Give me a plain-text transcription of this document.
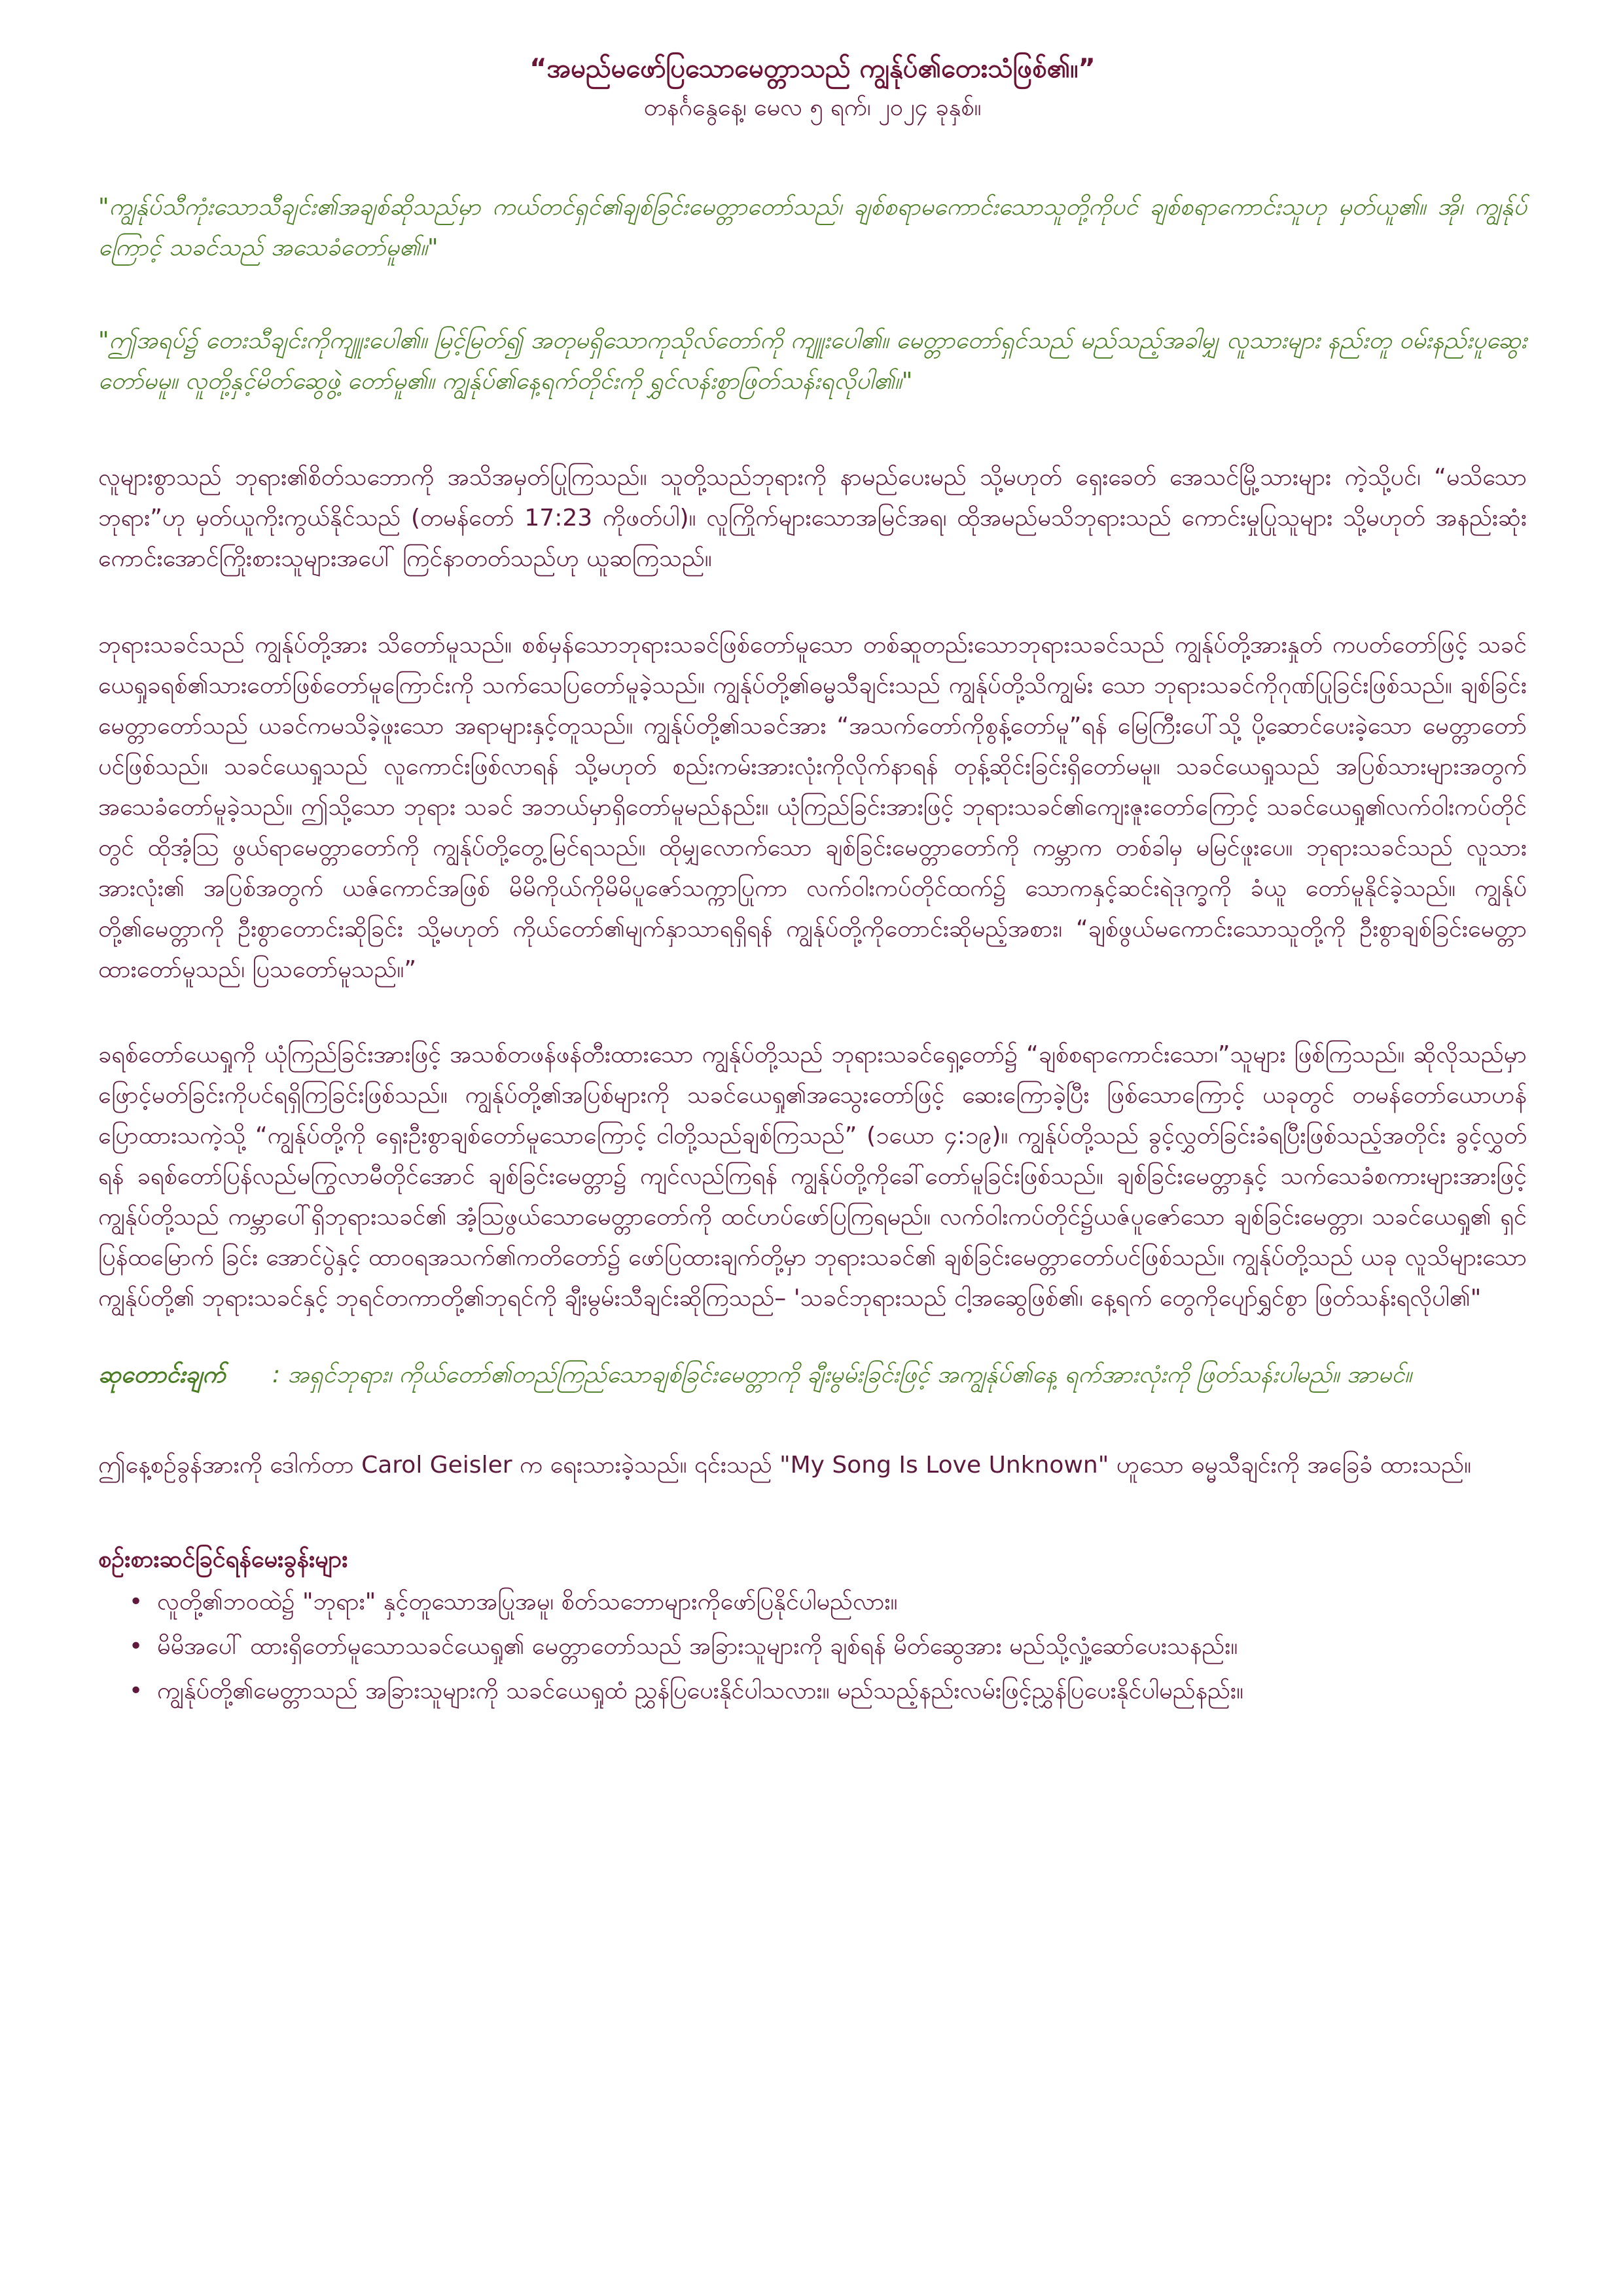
“အမည်မဖော်ပြသောမေတ္တာသည် ကျွန်ုပ်၏တေးသံဖြစ်၏။”

တနင်္ဂနွေနေ့၊ မေလ ၅ ရက်၊ ၂၀၂၄ ခုနှစ်။

"ကျွန်ုပ်သီကုံးသောသီချင်း၏အချစ်ဆိုသည်မှာ ကယ်တင်ရှင်၏ချစ်ခြင်းမေတ္တာတော်သည်၊ ချစ်စရာမကောင်းသောသူတို့ကိုပင် ချစ်စရာကောင်းသူဟု မှတ်ယူ၏။ အို၊ ကျွန်ုပ်ကြောင့် သခင်သည် အသေခံတော်မူ၏။"

"ဤအရပ်၌ တေးသီချင်းကိုကျူးပေါ၏။ မြင့်မြတ်၍ အတုမရှိသောကုသိုလ်တော်ကို ကျူးပေါ၏။ မေတ္တာတော်ရှင်သည် မည်သည့်အခါမျှ လူသားများ နည်းတူ ဝမ်းနည်းပူဆွေးတော်မမူ။ လူတို့နှင့်မိတ်ဆွေဖွဲ့ တော်မူ၏။ ကျွန်ုပ်၏နေ့ရက်တိုင်းကို ရွှင်လန်းစွာဖြတ်သန်းရလိုပါ၏။"

လူများစွာသည် ဘုရား၏စိတ်သဘောကို အသိအမှတ်ပြုကြသည်။ သူတို့သည်ဘုရားကို နာမည်ပေးမည် သို့မဟုတ် ရှေးခေတ် အေသင်မြို့သားများ ကဲ့သို့ပင်၊ “မသိသောဘုရား”ဟု မှတ်ယူကိုးကွယ်နိုင်သည် (တမန်တော် 17:23 ကိုဖတ်ပါ)။ လူကြိုက်များသောအမြင်အရ၊ ထိုအမည်မသိဘုရားသည် ကောင်းမှုပြုသူများ သို့မဟုတ် အနည်းဆုံးကောင်းအောင်ကြိုးစားသူများအပေါ် ကြင်နာတတ်သည်ဟု ယူဆကြသည်။

ဘုရားသခင်သည် ကျွန်ုပ်တို့အား သိတော်မူသည်။ စစ်မှန်သောဘုရားသခင်ဖြစ်တော်မူသော တစ်ဆူတည်းသောဘုရားသခင်သည် ကျွန်ုပ်တို့အားနှုတ် ကပတ်တော်ဖြင့် သခင်ယေရှုခရစ်၏သားတော်ဖြစ်တော်မူကြောင်းကို သက်သေပြတော်မူခဲ့သည်။ ကျွန်ုပ်တို့၏ဓမ္မသီချင်းသည် ကျွန်ုပ်တို့သိကျွမ်း သော ဘုရားသခင်ကိုဂုဏ်ပြုခြင်းဖြစ်သည်။ ချစ်ခြင်းမေတ္တာတော်သည် ယခင်ကမသိခဲ့ဖူးသော အရာများနှင့်တူသည်။ ကျွန်ုပ်တို့၏သခင်အား “အသက်တော်ကိုစွန့်တော်မူ”ရန် မြေကြီးပေါ်သို့ ပို့ဆောင်ပေးခဲ့သော မေတ္တာတော်ပင်ဖြစ်သည်။ သခင်ယေရှုသည် လူကောင်းဖြစ်လာရန် သို့မဟုတ် စည်းကမ်းအားလုံးကိုလိုက်နာရန် တုန့်ဆိုင်းခြင်းရှိတော်မမူ။ သခင်ယေရှုသည် အပြစ်သားများအတွက် အသေခံတော်မူခဲ့သည်။ ဤသို့သော ဘုရား သခင် အဘယ်မှာရှိတော်မူမည်နည်း။ ယုံကြည်ခြင်းအားဖြင့် ဘုရားသခင်၏ကျေးဇူးတော်ကြောင့် သခင်ယေရှု၏လက်ဝါးကပ်တိုင်တွင် ထိုအံ့သြ ဖွယ်ရာမေတ္တာတော်ကို ကျွန်ုပ်တို့တွေ့မြင်ရသည်။ ထိုမျှလောက်သော ချစ်ခြင်းမေတ္တာတော်ကို ကမ္ဘာက တစ်ခါမှ မမြင်ဖူးပေ။ ဘုရားသခင်သည် လူသားအားလုံး၏ အပြစ်အတွက် ယဇ်ကောင်အဖြစ် မိမိကိုယ်ကိုမိမိပူဇော်သက္ကာပြုကာ လက်ဝါးကပ်တိုင်ထက်၌ သောကနှင့်ဆင်းရဲဒုက္ခကို ခံယူ တော်မူနိုင်ခဲ့သည်။ ကျွန်ုပ်တို့၏မေတ္တာကို ဦးစွာတောင်းဆိုခြင်း သို့မဟုတ် ကိုယ်တော်၏မျက်နှာသာရရှိရန် ကျွန်ုပ်တို့ကိုတောင်းဆိုမည့်အစား၊ “ချစ်ဖွယ်မကောင်းသောသူတို့ကို ဦးစွာချစ်ခြင်းမေတ္တာထားတော်မူသည်၊ ပြသတော်မူသည်။”

ခရစ်တော်ယေရှုကို ယုံကြည်ခြင်းအားဖြင့် အသစ်တဖန်ဖန်တီးထားသော ကျွန်ုပ်တို့သည် ဘုရားသခင်ရှေ့တော်၌ “ချစ်စရာကောင်းသော၊”သူများ ဖြစ်ကြသည်။ ဆိုလိုသည်မှာ ဖြောင့်မတ်ခြင်းကိုပင်ရရှိကြခြင်းဖြစ်သည်။ ကျွန်ုပ်တို့၏အပြစ်များကို သခင်ယေရှု၏အသွေးတော်ဖြင့် ဆေးကြောခဲ့ပြီး ဖြစ်သောကြောင့် ယခုတွင် တမန်တော်ယောဟန်ပြောထားသကဲ့သို့ “ကျွန်ုပ်တို့ကို ရှေးဦးစွာချစ်တော်မူသောကြောင့် ငါတို့သည်ချစ်ကြသည်” (၁ယော ၄:၁၉)။ ကျွန်ုပ်တို့သည် ခွင့်လွှတ်ခြင်းခံရပြီးဖြစ်သည့်အတိုင်း ခွင့်လွှတ်ရန် ခရစ်တော်ပြန်လည်မကြွလာမီတိုင်အောင် ချစ်ခြင်းမေတ္တာ၌ ကျင်လည်ကြရန် ကျွန်ုပ်တို့ကိုခေါ်တော်မူခြင်းဖြစ်သည်။ ချစ်ခြင်းမေတ္တာနှင့် သက်သေခံစကားများအားဖြင့် ကျွန်ုပ်တို့သည် ကမ္ဘာပေါ်ရှိဘုရားသခင်၏ အံ့သြဖွယ်သောမေတ္တာတော်ကို ထင်ဟပ်ဖော်ပြကြရမည်။ လက်ဝါးကပ်တိုင်၌ယဇ်ပူဇော်သော ချစ်ခြင်းမေတ္တာ၊ သခင်ယေရှု၏ ရှင်ပြန်ထမြောက် ခြင်း အောင်ပွဲနှင့် ထာဝရအသက်၏ကတိတော်၌ ဖော်ပြထားချက်တို့မှာ ဘုရားသခင်၏ ချစ်ခြင်းမေတ္တာတော်ပင်ဖြစ်သည်။ ကျွန်ုပ်တို့သည် ယခု လူသိများသော ကျွန်ုပ်တို့၏ ဘုရားသခင်နှင့် ဘုရင်တကာတို့၏ဘုရင်ကို ချီးမွမ်းသီချင်းဆိုကြသည်– 'သခင်ဘုရားသည် ငါ့အဆွေဖြစ်၏၊ နေ့ရက် တွေကိုပျော်ရွှင်စွာ ဖြတ်သန်းရလိုပါ၏"

ဆုတောင်းချက် : အရှင်ဘုရား၊ ကိုယ်တော်၏တည်ကြည်သောချစ်ခြင်းမေတ္တာကို ချီးမွမ်းခြင်းဖြင့် အကျွန်ုပ်၏နေ့ ရက်အားလုံးကို ဖြတ်သန်းပါမည်။ အာမင်။

ဤနေ့စဉ်ခွန်အားကို ဒေါက်တာ Carol Geisler က ရေးသားခဲ့သည်။ ၎င်းသည် "My Song Is Love Unknown" ဟူသော ဓမ္မသီချင်းကို အခြေခံ ထားသည်။

စဉ်းစားဆင်ခြင်ရန်မေးခွန်းများ

• လူတို့၏ဘဝထဲ၌ "ဘုရား" နှင့်တူသောအပြုအမူ၊ စိတ်သဘောများကိုဖော်ပြနိုင်ပါမည်လား။
• မိမိအပေါ် ထားရှိတော်မူသောသခင်ယေရှု၏ မေတ္တာတော်သည် အခြားသူများကို ချစ်ရန် မိတ်ဆွေအား မည်သို့လှုံ့ဆော်ပေးသနည်း။
• ကျွန်ုပ်တို့၏မေတ္တာသည် အခြားသူများကို သခင်ယေရှုထံ ညွှန်ပြပေးနိုင်ပါသလား။ မည်သည့်နည်းလမ်းဖြင့်ညွှန်ပြပေးနိုင်ပါမည်နည်း။
